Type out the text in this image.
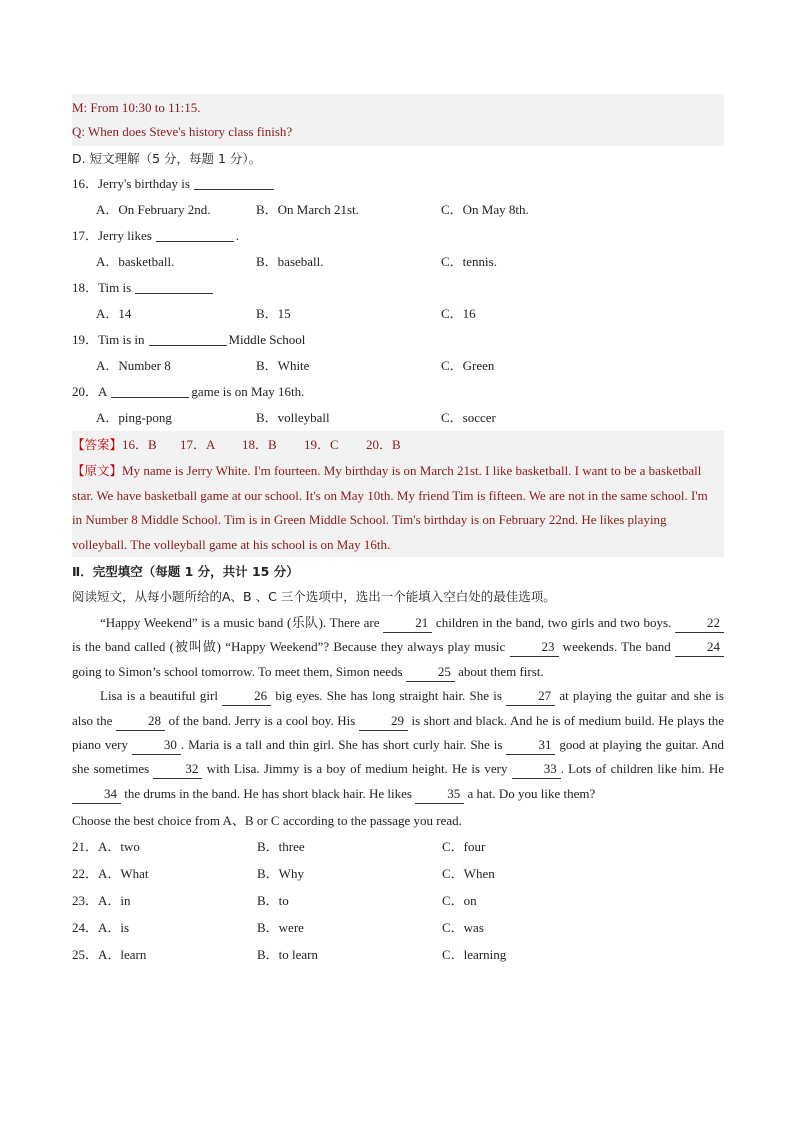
M: From 10:30 to 11:15.
Q: When does Steve's history class finish?
D. 短文理解（5 分，每题 1 分）。
16．Jerry's birthday is
A．On February 2nd.	B．On March 21st.	C．On May 8th.
17．Jerry likes	.
A．basketball.	B．baseball.	C．tennis.
18．Tim is
A．14	B．15	C．16
19．Tim is in	Middle School
A．Number 8	B．White	C．Green
20．A	game is on May 16th.
A．ping-pong	B．volleyball	C．soccer
【答案】 16．B	17．A	18．B	19．C	20．B
【原文】My name is Jerry White. I'm fourteen. My birthday is on March 21st. I like basketball. I want to be a basketball star. We have basketball game at our school. It's on May 10th. My friend Tim is fifteen. We are not in the same school. I'm in Number 8 Middle School. Tim is in Green Middle School. Tim's birthday is on February 22nd. He likes playing volleyball. The volleyball game at his school is on May 16th.
Ⅱ．完型填空（每题 1 分，共计 15 分）
阅读短文，从每小题所给的A、B 、C 三个选项中，选出一个能填入空白处的最佳选项。
“Happy Weekend” is a music band (乐队). There are 21 children in the band, two girls and two boys. 22 is the band called (被叫做) “Happy Weekend”? Because they always play music 23 weekends. The band 24 going to Simon’s school tomorrow. To meet them, Simon needs 25 about them first.
Lisa is a beautiful girl 26 big eyes. She has long straight hair. She is 27 at playing the guitar and she is also the 28 of the band. Jerry is a cool boy. His 29 is short and black. And he is of medium build. He plays the piano very 30 . Maria is a tall and thin girl. She has short curly hair. She is 31 good at playing the guitar. And she sometimes 32 with Lisa. Jimmy is a boy of medium height. He is very 33 . Lots of children like him. He 34 the drums in the band. He has short black hair. He likes 35 a hat. Do you like them?
Choose the best choice from A、B or C according to the passage you read.
21．A．two	B．three	C．four
22．A．What	B．Why	C．When
23．A．in	B．to	C．on
24．A．is	B．were	C．was
25．A．learn	B．to learn	C．learning
